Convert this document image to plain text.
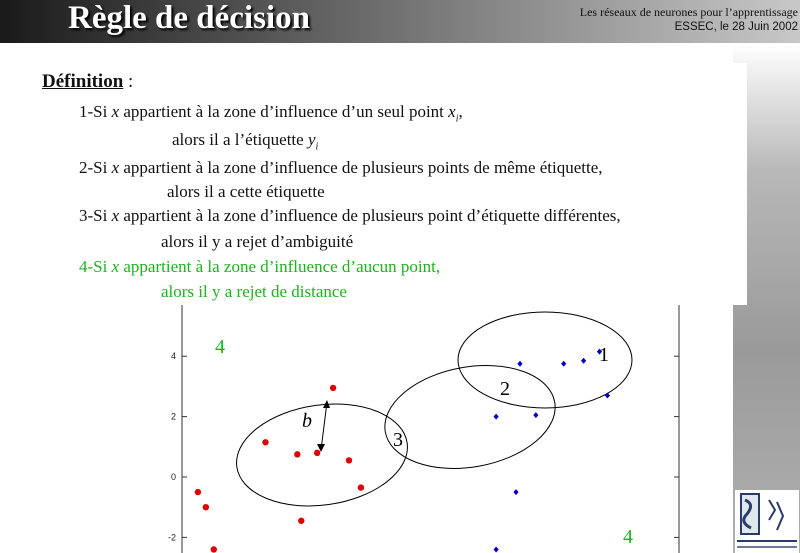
Règle de décision	Les réseaux de neurones pour l’apprentissage
ESSEC, le 28 Juin 2002
4
2
0
-2
1
2
3
b
4
4
Définition :
1-Si x appartient à la zone d’influence d’un seul point $x_i$,
alors il a l’étiquette $y_i$
2-Si x appartient à la zone d’influence de plusieurs points de même étiquette,
alors il a cette étiquette
3-Si x appartient à la zone d’influence de plusieurs point d’étiquette différentes,
alors il y a rejet d’ambiguité
4-Si x appartient à la zone d’influence d’aucun point,
alors il y a rejet de distance
